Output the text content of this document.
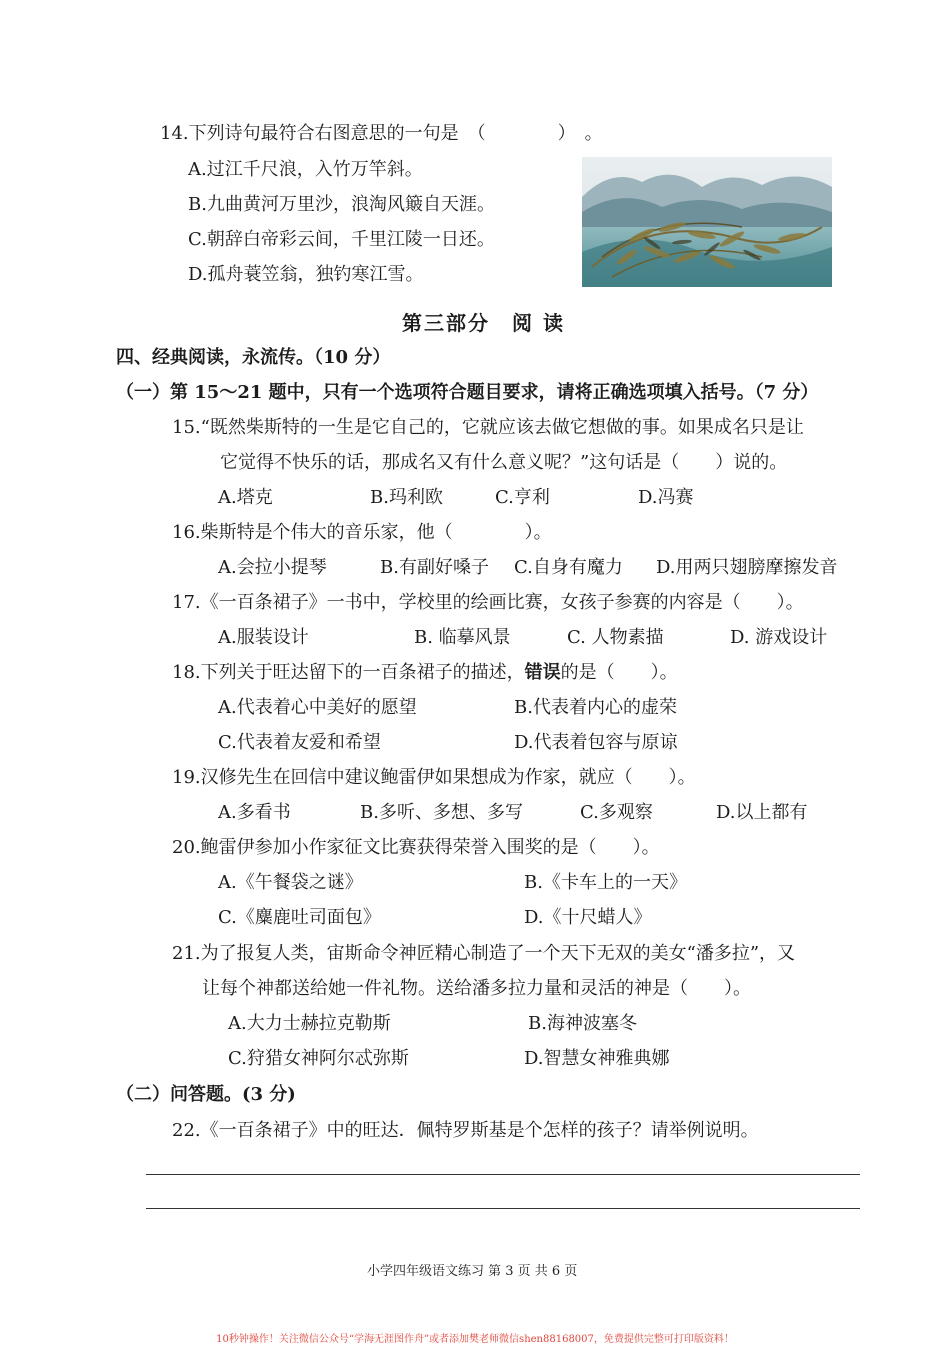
14.下列诗句最符合右图意思的一句是　（　　　　）　。
A.过江千尺浪，入竹万竿斜。
B.九曲黄河万里沙，浪淘风簸自天涯。
C.朝辞白帝彩云间，千里江陵一日还。
D.孤舟蓑笠翁，独钓寒江雪。
第三部分　阅 读
四、经典阅读，永流传。（10 分）
（一）第 15～21 题中，只有一个选项符合题目要求，请将正确选项填入括号。（7 分）
15.“既然柴斯特的一生是它自己的，它就应该去做它想做的事。如果成名只是让
它觉得不快乐的话，那成名又有什么意义呢？”这句话是（　　）说的。
A.塔克	B.玛利欧	C.亨利	D.冯赛
16.柴斯特是个伟大的音乐家，他（　　　　）。
A.会拉小提琴	B.有副好嗓子 C.自身有魔力 D.用两只翅膀摩擦发音
17.《一百条裙子》一书中，学校里的绘画比赛，女孩子参赛的内容是（　　）。
A.服装设计	B. 临摹风景	C. 人物素描	D. 游戏设计
18.下列关于旺达留下的一百条裙子的描述，错误的是（　　）。
A.代表着心中美好的愿望	B.代表着内心的虚荣
C.代表着友爱和希望	D.代表着包容与原谅
19.汉修先生在回信中建议鲍雷伊如果想成为作家，就应（　　）。
A.多看书	B.多听、多想、多写	C.多观察	D.以上都有
20.鲍雷伊参加小作家征文比赛获得荣誉入围奖的是（　　）。
A.《午餐袋之谜》	B.《卡车上的一天》
C.《麋鹿吐司面包》	D.《十尺蜡人》
21.为了报复人类，宙斯命令神匠精心制造了一个天下无双的美女“潘多拉”，又
让每个神都送给她一件礼物。送给潘多拉力量和灵活的神是（　　）。
A.大力士赫拉克勒斯	B.海神波塞冬
C.狩猎女神阿尔忒弥斯	D.智慧女神雅典娜
（二）问答题。(3 分)
22.《一百条裙子》中的旺达．佩特罗斯基是个怎样的孩子？请举例说明。
小学四年级语文练习 第 3 页 共 6 页
10秒钟操作！关注微信公众号“学海无涯图作舟”或者添加樊老师微信shen88168007，免费提供完整可打印版资料！
